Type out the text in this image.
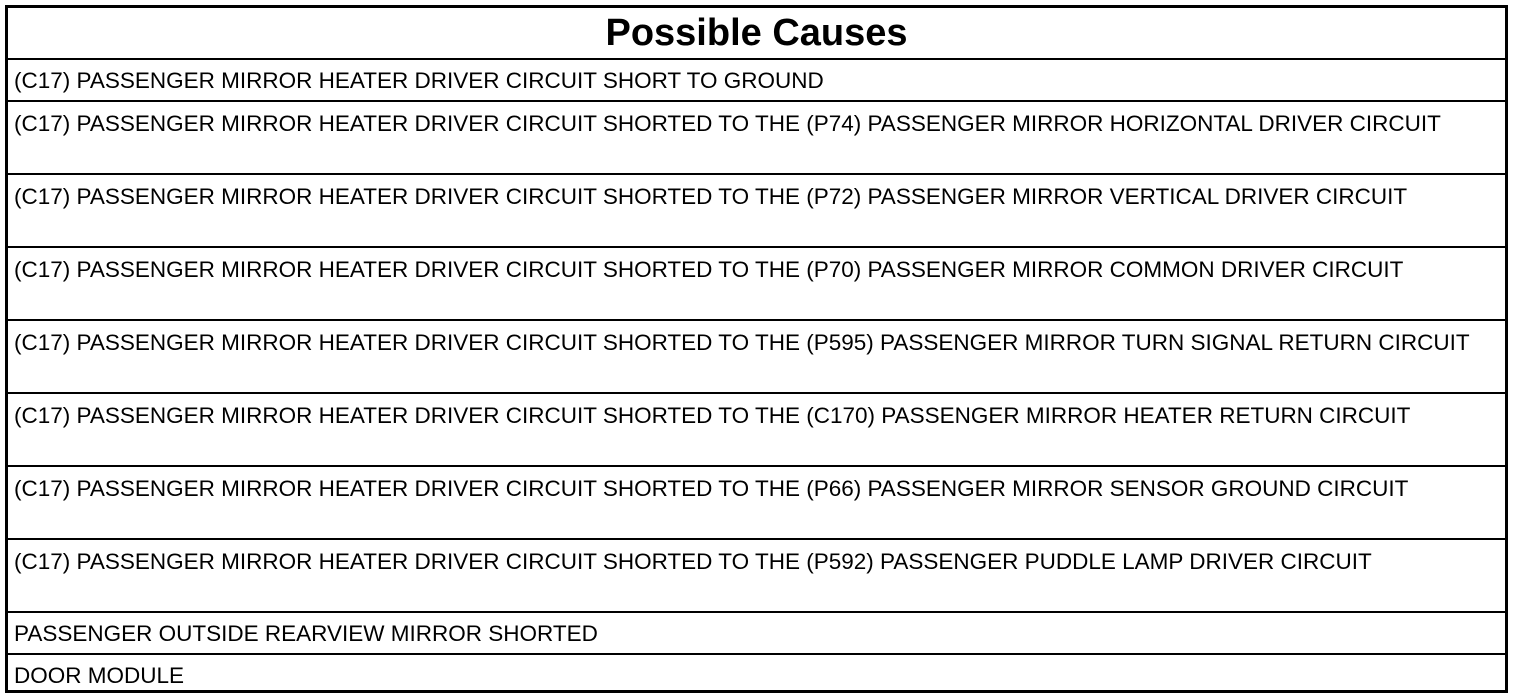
Possible Causes
(C17) PASSENGER MIRROR HEATER DRIVER CIRCUIT SHORT TO GROUND
(C17) PASSENGER MIRROR HEATER DRIVER CIRCUIT SHORTED TO THE (P74) PASSENGER MIRROR HORIZONTAL DRIVER CIRCUIT
(C17) PASSENGER MIRROR HEATER DRIVER CIRCUIT SHORTED TO THE (P72) PASSENGER MIRROR VERTICAL DRIVER CIRCUIT
(C17) PASSENGER MIRROR HEATER DRIVER CIRCUIT SHORTED TO THE (P70) PASSENGER MIRROR COMMON DRIVER CIRCUIT
(C17) PASSENGER MIRROR HEATER DRIVER CIRCUIT SHORTED TO THE (P595) PASSENGER MIRROR TURN SIGNAL RETURN CIRCUIT
(C17) PASSENGER MIRROR HEATER DRIVER CIRCUIT SHORTED TO THE (C170) PASSENGER MIRROR HEATER RETURN CIRCUIT
(C17) PASSENGER MIRROR HEATER DRIVER CIRCUIT SHORTED TO THE (P66) PASSENGER MIRROR SENSOR GROUND CIRCUIT
(C17) PASSENGER MIRROR HEATER DRIVER CIRCUIT SHORTED TO THE (P592) PASSENGER PUDDLE LAMP DRIVER CIRCUIT
PASSENGER OUTSIDE REARVIEW MIRROR SHORTED
DOOR MODULE
